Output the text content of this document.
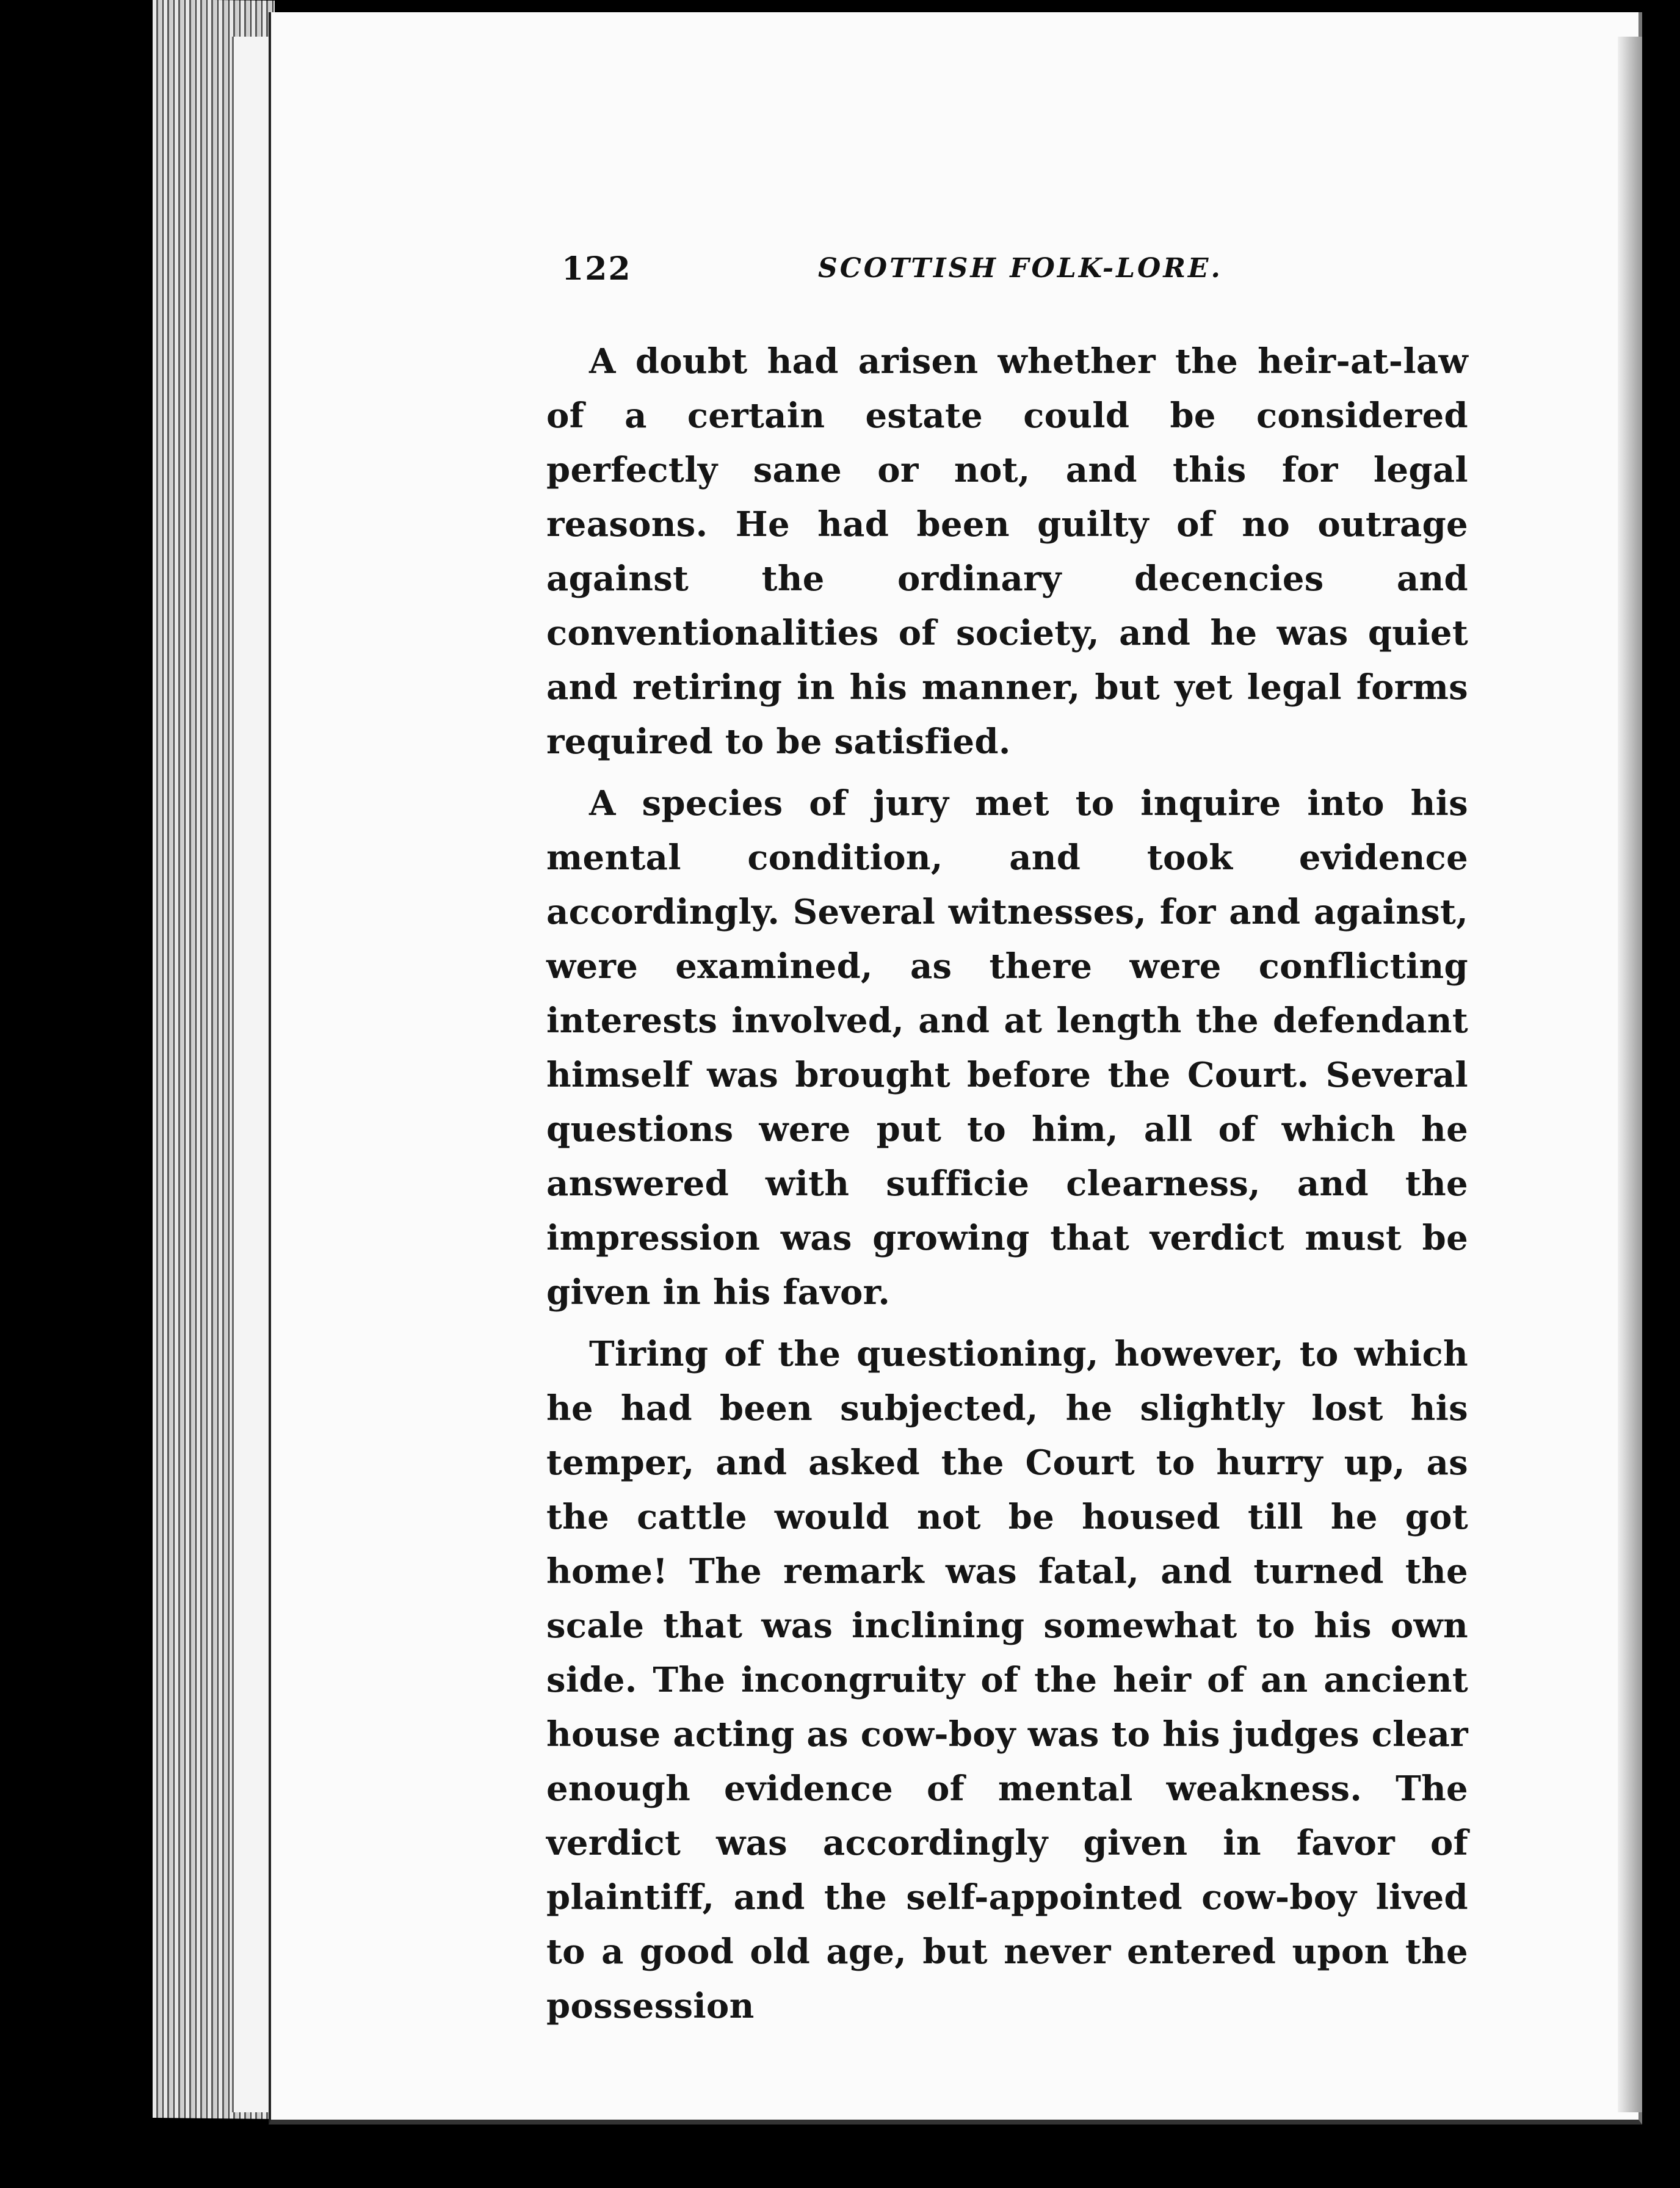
122	SCOTTISH FOLK-LORE.

A doubt had arisen whether the heir-at-law of a certain estate could be considered perfectly sane or not, and this for legal reasons. He had been guilty of no outrage against the ordinary decencies and conventionalities of society, and he was quiet and retiring in his manner, but yet legal forms required to be satisfied.

A species of jury met to inquire into his mental condition, and took evidence accordingly. Several witnesses, for and against, were examined, as there were conflicting interests involved, and at length the defendant himself was brought before the Court. Several questions were put to him, all of which he answered with sufficie clearness, and the impression was growing that verdict must be given in his favor.

Tiring of the questioning, however, to which he had been subjected, he slightly lost his temper, and asked the Court to hurry up, as the cattle would not be housed till he got home! The remark was fatal, and turned the scale that was inclining somewhat to his own side. The incongruity of the heir of an ancient house acting as cow-boy was to his judges clear enough evidence of mental weakness. The verdict was accordingly given in favor of plaintiff, and the self-appointed cow-boy lived to a good old age, but never entered upon the possession
